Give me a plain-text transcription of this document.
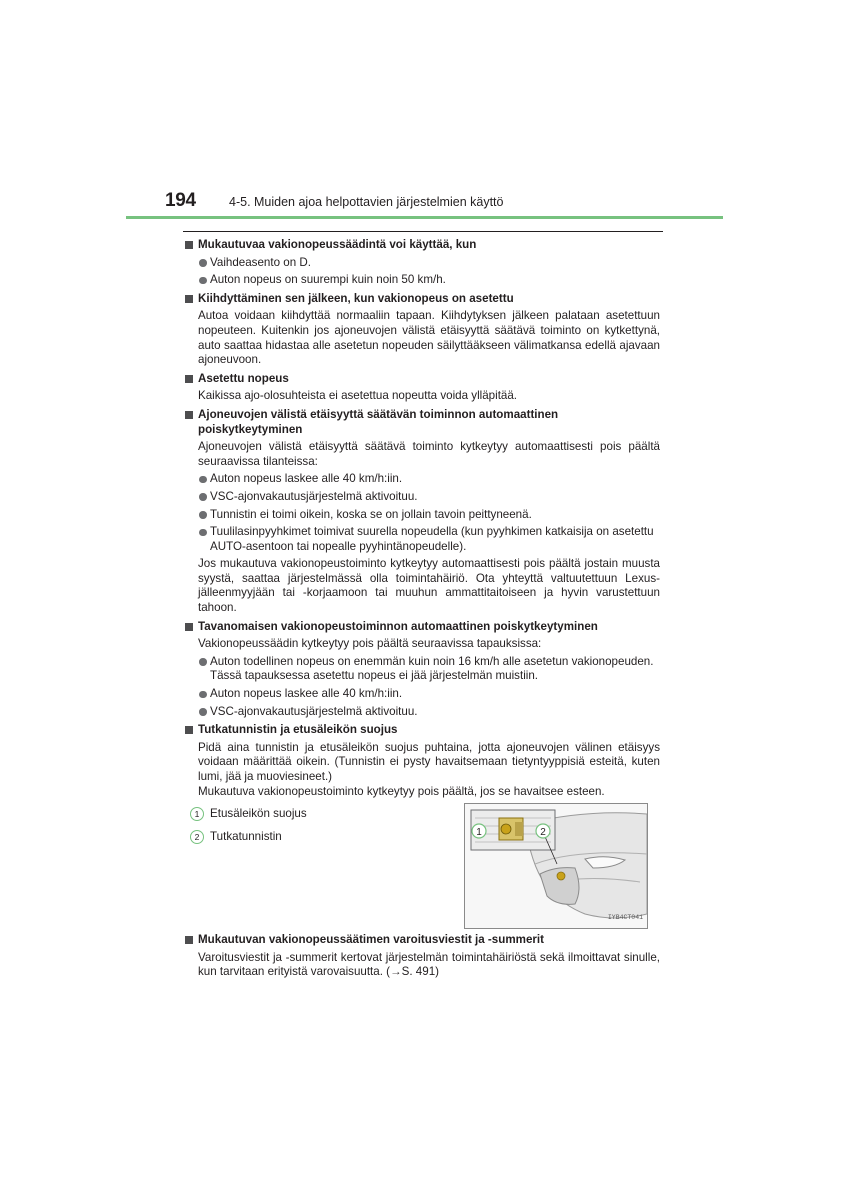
194	4-5. Muiden ajoa helpottavien järjestelmien käyttö
Mukautuvaa vakionopeussäädintä voi käyttää, kun
Vaihdeasento on D.
Auton nopeus on suurempi kuin noin 50 km/h.
Kiihdyttäminen sen jälkeen, kun vakionopeus on asetettu
Autoa voidaan kiihdyttää normaaliin tapaan. Kiihdytyksen jälkeen palataan asetettuun nopeuteen. Kuitenkin jos ajoneuvojen välistä etäisyyttä säätävä toiminto on kytkettynä, auto saattaa hidastaa alle asetetun nopeuden säilyttääkseen välimatkansa edellä ajavaan ajoneuvoon.
Asetettu nopeus
Kaikissa ajo-olosuhteista ei asetettua nopeutta voida ylläpitää.
Ajoneuvojen välistä etäisyyttä säätävän toiminnon automaattinen poiskytkeytyminen
Ajoneuvojen välistä etäisyyttä säätävä toiminto kytkeytyy automaattisesti pois päältä seuraavissa tilanteissa:
Auton nopeus laskee alle 40 km/h:iin.
VSC-ajonvakautusjärjestelmä aktivoituu.
Tunnistin ei toimi oikein, koska se on jollain tavoin peittyneenä.
Tuulilasinpyyhkimet toimivat suurella nopeudella (kun pyyhkimen katkaisija on asetettu AUTO-asentoon tai nopealle pyyhintänopeudelle).
Jos mukautuva vakionopeustoiminto kytkeytyy automaattisesti pois päältä jostain muusta syystä, saattaa järjestelmässä olla toimintahäiriö. Ota yhteyttä valtuutettuun Lexus-jälleenmyyjään tai -korjaamoon tai muuhun ammattitaitoiseen ja hyvin varustettuun tahoon.
Tavanomaisen vakionopeustoiminnon automaattinen poiskytkeytyminen
Vakionopeussäädin kytkeytyy pois päältä seuraavissa tapauksissa:
Auton todellinen nopeus on enemmän kuin noin 16 km/h alle asetetun vakionopeuden. Tässä tapauksessa asetettu nopeus ei jää järjestelmän muistiin.
Auton nopeus laskee alle 40 km/h:iin.
VSC-ajonvakautusjärjestelmä aktivoituu.
Tutkatunnistin ja etusäleikön suojus
Pidä aina tunnistin ja etusäleikön suojus puhtaina, jotta ajoneuvojen välinen etäisyys voidaan määrittää oikein. (Tunnistin ei pysty havaitsemaan tietyntyyppisiä esteitä, kuten lumi, jää ja muoviesineet.)
Mukautuva vakionopeustoiminto kytkeytyy pois päältä, jos se havaitsee esteen.
1 Etusäleikön suojus
2 Tutkatunnistin	1	2
IYB4CT041
Mukautuvan vakionopeussäätimen varoitusviestit ja -summerit
Varoitusviestit ja -summerit kertovat järjestelmän toimintahäiriöstä sekä ilmoittavat sinulle, kun tarvitaan erityistä varovaisuutta. (→S. 491)
